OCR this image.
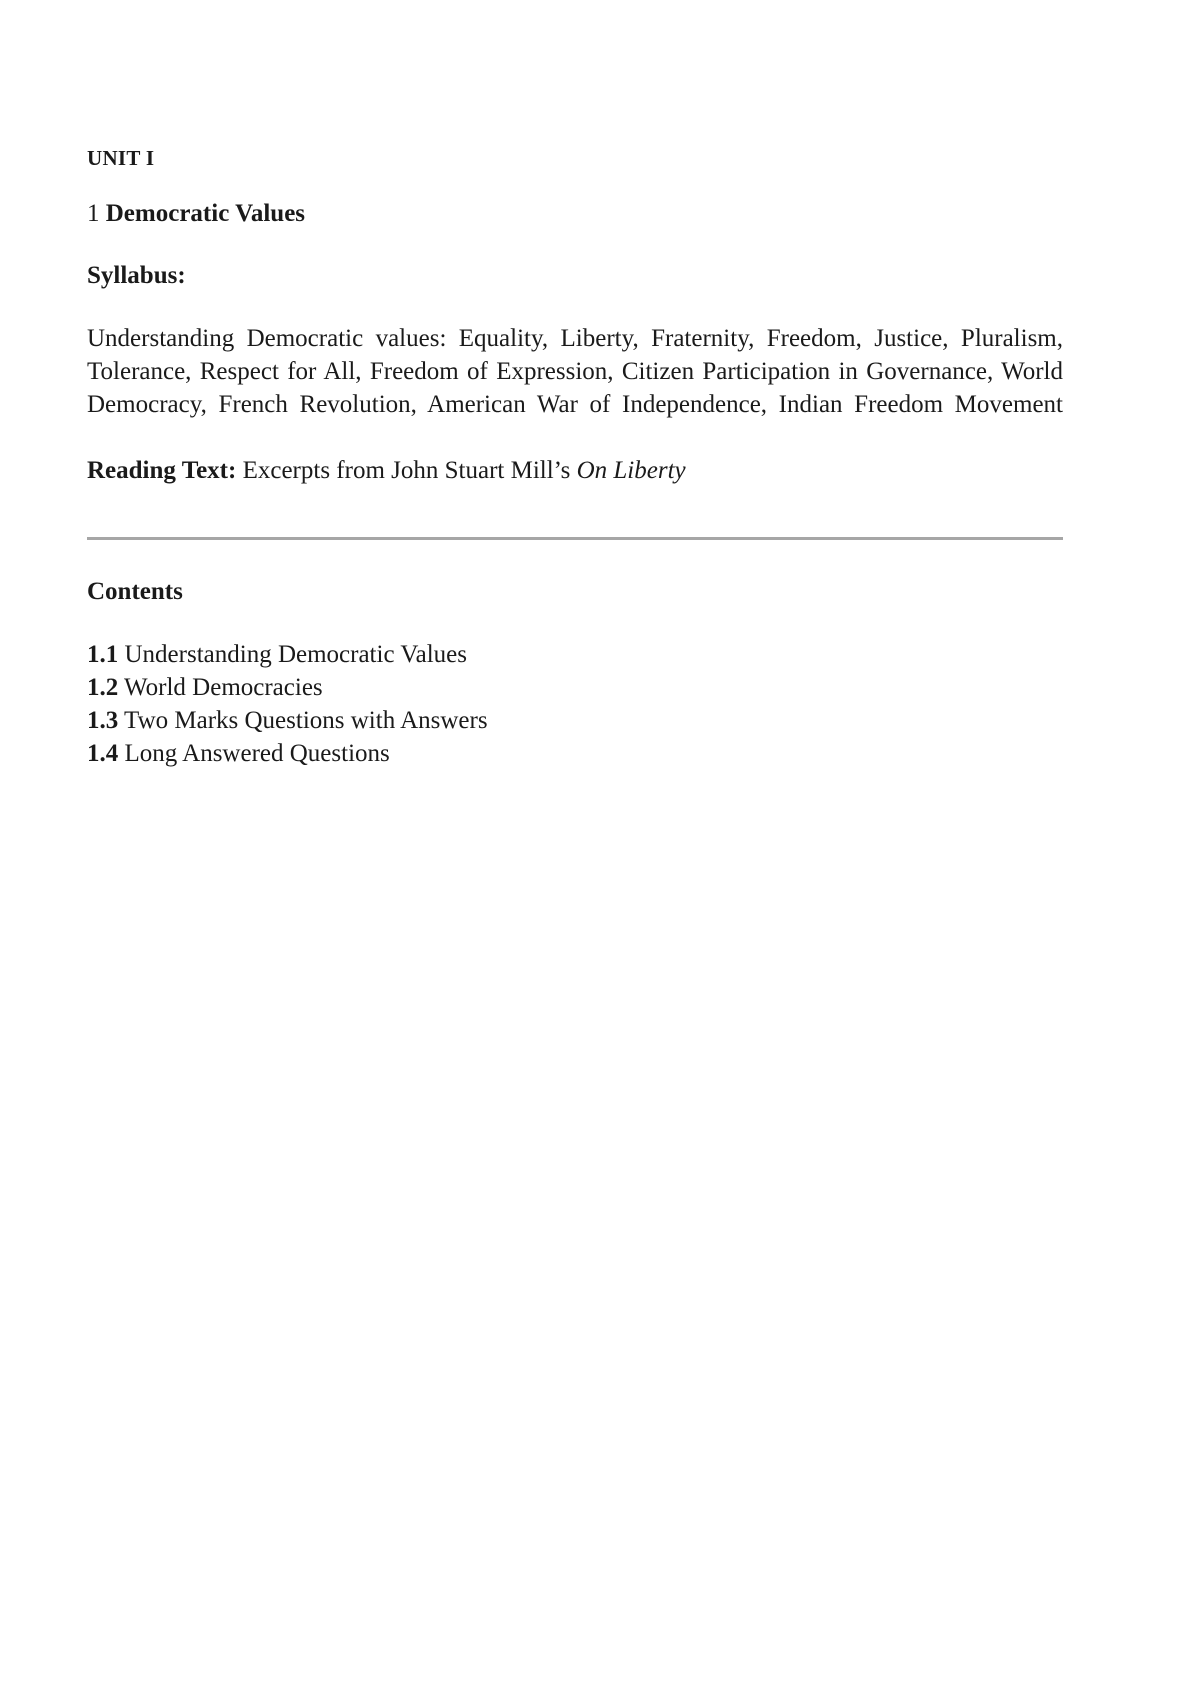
UNIT I
1 Democratic Values
Syllabus:

Understanding Democratic values: Equality, Liberty, Fraternity, Freedom, Justice, Pluralism, Tolerance, Respect for All, Freedom of Expression, Citizen Participation in Governance, World Democracy, French Revolution, American War of Independence, Indian Freedom Movement

Reading Text: Excerpts from John Stuart Mill’s On Liberty
Contents
1.1 Understanding Democratic Values
1.2 World Democracies
1.3 Two Marks Questions with Answers
1.4 Long Answered Questions
